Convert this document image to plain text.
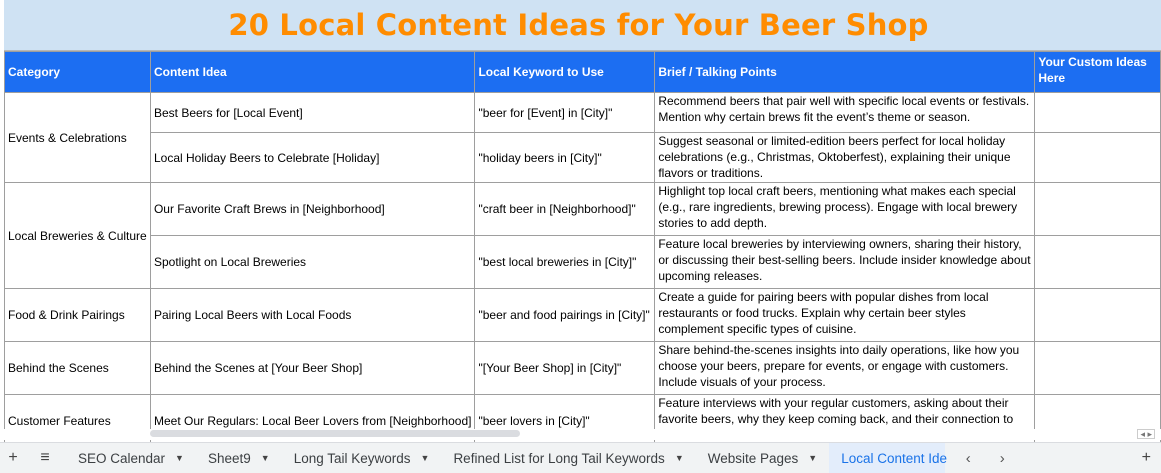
20 Local Content Ideas for Your Beer Shop
Category	Content Idea	Local Keyword to Use	Brief / Talking Points	Your Custom Ideas Here
Events & Celebrations	Best Beers for [Local Event]	"beer for [Event] in [City]"	Recommend beers that pair well with specific local events or festivals. Mention why certain brews fit the event’s theme or season.	
	Local Holiday Beers to Celebrate [Holiday]	"holiday beers in [City]"	Suggest seasonal or limited-edition beers perfect for local holiday celebrations (e.g., Christmas, Oktoberfest), explaining their unique flavors or traditions.	
Local Breweries & Culture	Our Favorite Craft Brews in [Neighborhood]	"craft beer in [Neighborhood]"	Highlight top local craft beers, mentioning what makes each special (e.g., rare ingredients, brewing process). Engage with local brewery stories to add depth.	
	Spotlight on Local Breweries	"best local breweries in [City]"	Feature local breweries by interviewing owners, sharing their history, or discussing their best-selling beers. Include insider knowledge about upcoming releases.	
Food & Drink Pairings	Pairing Local Beers with Local Foods	"beer and food pairings in [City]"	Create a guide for pairing beers with popular dishes from local restaurants or food trucks. Explain why certain beer styles complement specific types of cuisine.	
Behind the Scenes	Behind the Scenes at [Your Beer Shop]	"[Your Beer Shop] in [City]"	Share behind-the-scenes insights into daily operations, like how you choose your beers, prepare for events, or engage with customers. Include visuals of your process.	
Customer Features	Meet Our Regulars: Local Beer Lovers from [Neighborhood]	"beer lovers in [City]"	Feature interviews with your regular customers, asking about their favorite beers, why they keep coming back, and their connection to	
◂ ▸
+	≡	SEO Calendar ▼ Sheet9 ▼ Long Tail Keywords ▼ Refined List for Long Tail Keywords ▼ Website Pages ▼ Local Content Ide	‹	›	+
